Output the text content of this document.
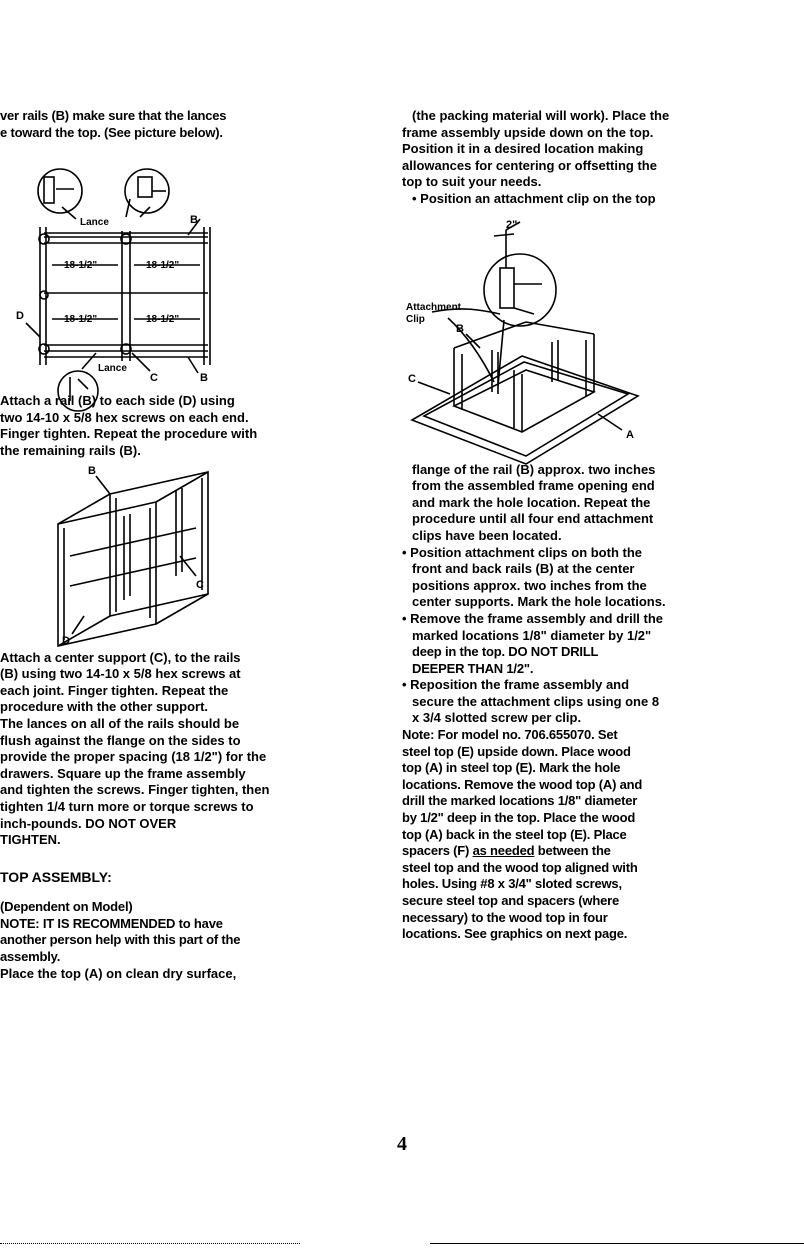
ver rails (B) make sure that the lances
e toward the top. (See picture below).
Lance	B
D
18-1/2"	18-1/2"
18-1/2"	18-1/2"
Lance
C	B
Attach a rail (B) to each side (D) using
two 14-10 x 5/8 hex screws on each end.
Finger tighten. Repeat the procedure with
the remaining rails (B).
B
C
D
Attach a center support (C), to the rails
(B) using two 14-10 x 5/8 hex screws at
each joint. Finger tighten. Repeat the
procedure with the other support.
The lances on all of the rails should be
flush against the flange on the sides to
provide the proper spacing (18 1/2") for the
drawers. Square up the frame assembly
and tighten the screws. Finger tighten, then
tighten 1/4 turn more or torque screws to
inch-pounds. DO NOT OVER
TIGHTEN.
TOP ASSEMBLY:
(Dependent on Model)
NOTE: IT IS RECOMMENDED to have
another person help with this part of the
assembly.
Place the top (A) on clean dry surface,
(the packing material will work). Place the
frame assembly upside down on the top.
Position it in a desired location making
allowances for centering or offsetting the
top to suit your needs.
• Position an attachment clip on the top
2"
Attachment
Clip
B
C
A
flange of the rail (B) approx. two inches
from the assembled frame opening end
and mark the hole location. Repeat the
procedure until all four end attachment
clips have been located.
• Position attachment clips on both the
front and back rails (B) at the center
positions approx. two inches from the
center supports. Mark the hole locations.
• Remove the frame assembly and drill the
marked locations 1/8" diameter by 1/2"
deep in the top. DO NOT DRILL
DEEPER THAN 1/2".
• Reposition the frame assembly and
secure the attachment clips using one 8
x 3/4 slotted screw per clip.
Note: For model no. 706.655070. Set
steel top (E) upside down. Place wood
top (A) in steel top (E). Mark the hole
locations. Remove the wood top (A) and
drill the marked locations 1/8" diameter
by 1/2" deep in the top. Place the wood
top (A) back in the steel top (E). Place
spacers (F) as needed between the
steel top and the wood top aligned with
holes. Using #8 x 3/4" sloted screws,
secure steel top and spacers (where
necessary) to the wood top in four
locations. See graphics on next page.
4
